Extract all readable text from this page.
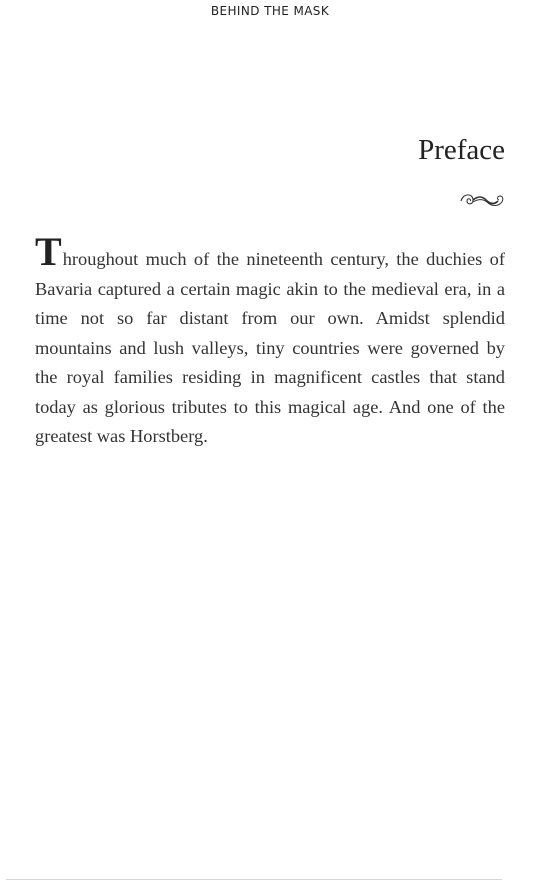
BEHIND THE MASK
Preface

Throughout much of the nineteenth century, the duchies of Bavaria captured a certain magic akin to the medieval era, in a time not so far distant from our own. Amidst splendid mountains and lush valleys, tiny countries were governed by the royal families residing in magnificent castles that stand today as glorious tributes to this magical age. And one of the greatest was Horstberg.
